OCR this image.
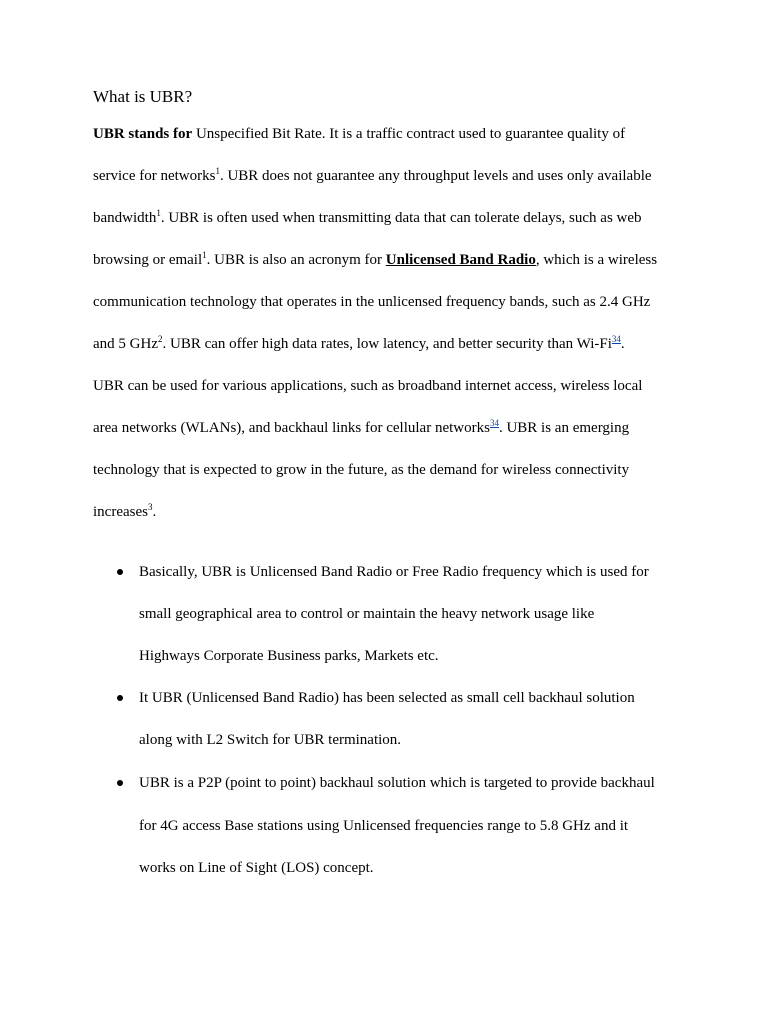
What is UBR?
UBR stands for Unspecified Bit Rate. It is a traffic contract used to guarantee quality of
service for networks$^1$. UBR does not guarantee any throughput levels and uses only available
bandwidth$^1$. UBR is often used when transmitting data that can tolerate delays, such as web
browsing or email$^1$. UBR is also an acronym for Unlicensed Band Radio, which is a wireless
communication technology that operates in the unlicensed frequency bands, such as 2.4 GHz
and 5 GHz$^2$. UBR can offer high data rates, low latency, and better security than Wi-Fi$^{34}$.
UBR can be used for various applications, such as broadband internet access, wireless local
area networks (WLANs), and backhaul links for cellular networks$^{34}$. UBR is an emerging
technology that is expected to grow in the future, as the demand for wireless connectivity
increases$^3$.
Basically, UBR is Unlicensed Band Radio or Free Radio frequency which is used for
small geographical area to control or maintain the heavy network usage like
Highways Corporate Business parks, Markets etc.
It UBR (Unlicensed Band Radio) has been selected as small cell backhaul solution
along with L2 Switch for UBR termination.
UBR is a P2P (point to point) backhaul solution which is targeted to provide backhaul
for 4G access Base stations using Unlicensed frequencies range to 5.8 GHz and it
works on Line of Sight (LOS) concept.
